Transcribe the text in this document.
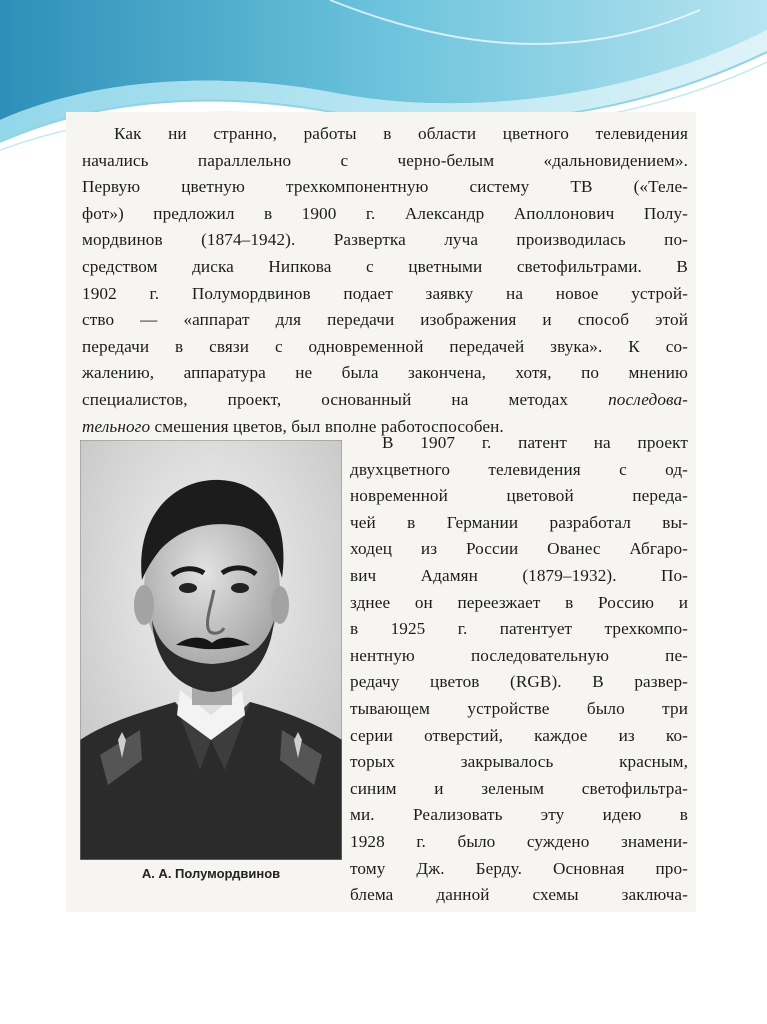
Как ни странно, работы в области цветного телевидения
начались параллельно с черно-белым «дальновидением».
Первую цветную трехкомпонентную систему ТВ («Теле-
фот») предложил в 1900 г. Александр Аполлонович Полу-
мордвинов (1874–1942). Развертка луча производилась по-
средством диска Нипкова с цветными светофильтрами. В
1902 г. Полумордвинов подает заявку на новое устрой-
ство — «аппарат для передачи изображения и способ этой
передачи в связи с одновременной передачей звука». К со-
жалению, аппаратура не была закончена, хотя, по мнению
специалистов, проект, основанный на методах последова-
тельного смешения цветов, был вполне работоспособен.
А. А. Полумордвинов
В 1907 г. патент на проект
двухцветного телевидения с од-
новременной цветовой переда-
чей в Германии разработал вы-
ходец из России Ованес Абгаро-
вич Адамян (1879–1932). По-
зднее он переезжает в Россию и
в 1925 г. патентует трехкомпо-
нентную последовательную пе-
редачу цветов (RGB). В развер-
тывающем устройстве было три
серии отверстий, каждое из ко-
торых закрывалось красным,
синим и зеленым светофильтра-
ми. Реализовать эту идею в
1928 г. было суждено знамени-
тому Дж. Берду. Основная про-
блема данной схемы заключа-
